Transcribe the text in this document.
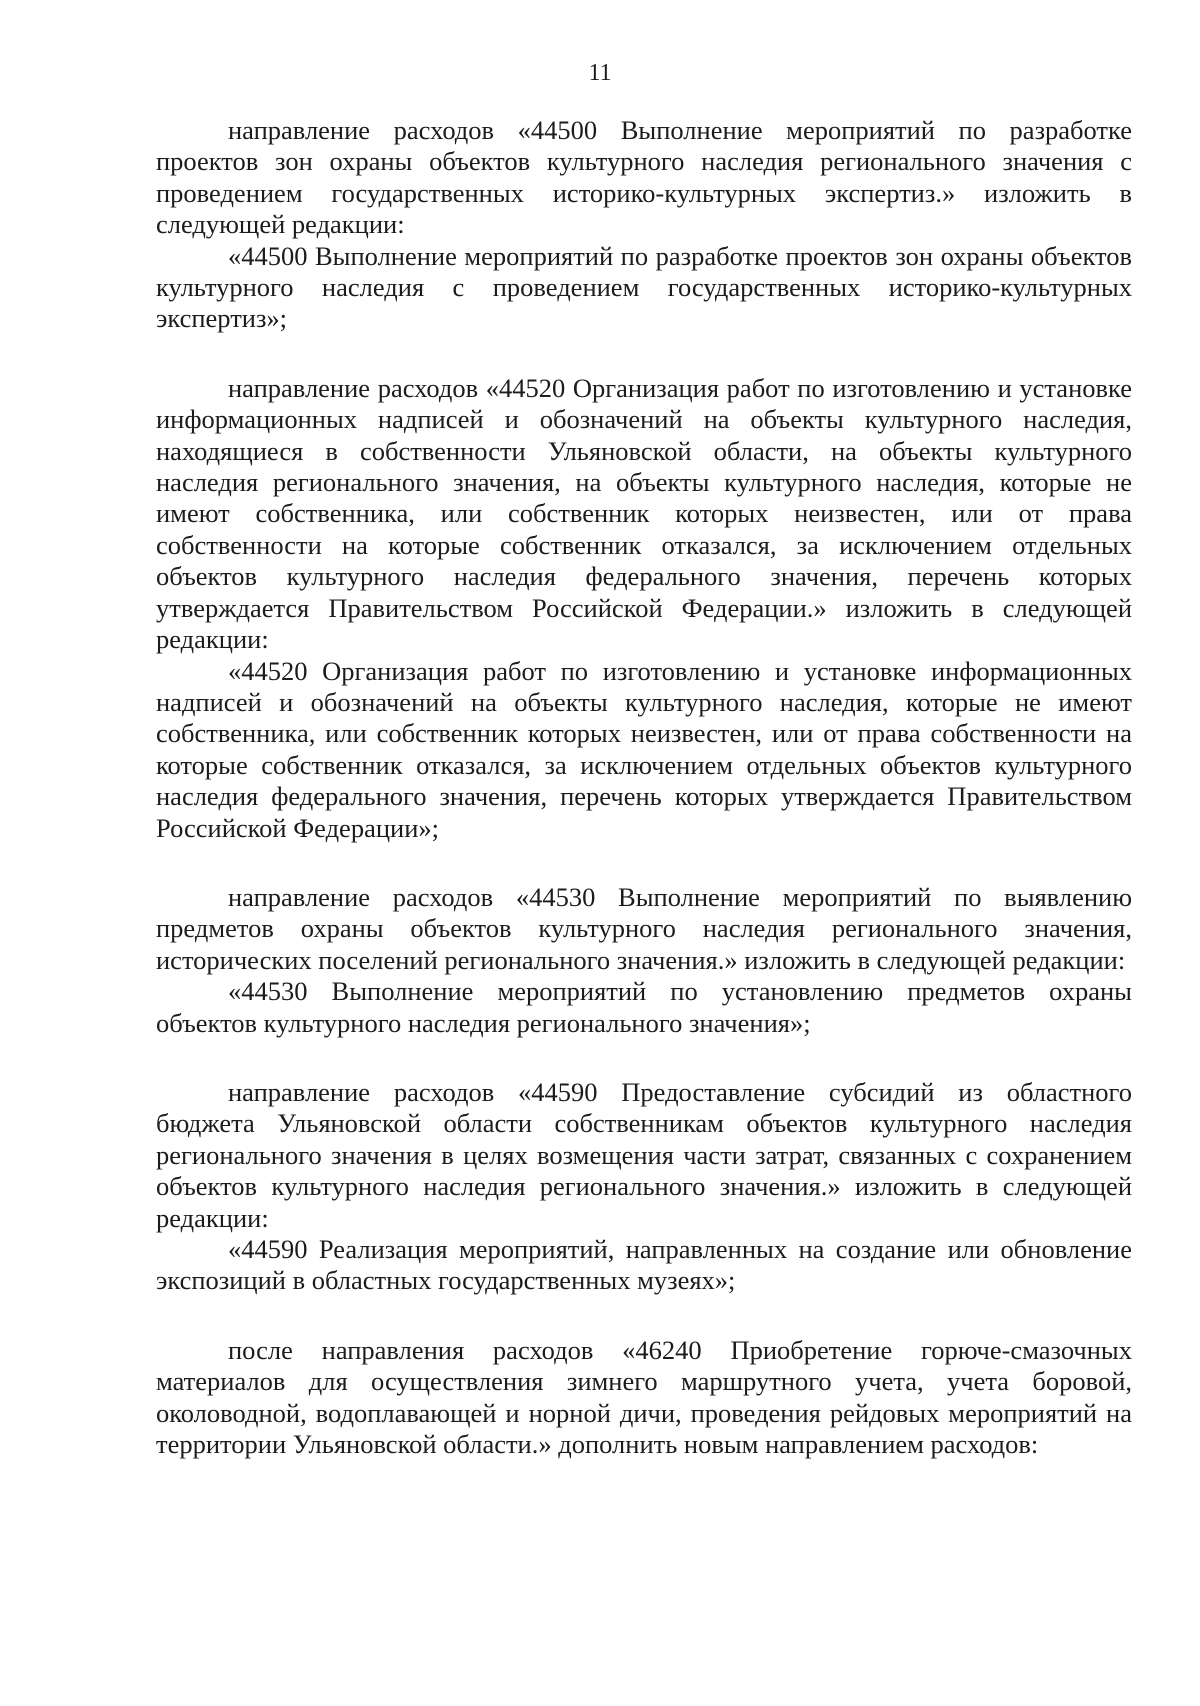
11

направление расходов «44500 Выполнение мероприятий по разработке проектов зон охраны объектов культурного наследия регионального значения с проведением государственных историко-культурных экспертиз.» изложить в следующей редакции:

«44500 Выполнение мероприятий по разработке проектов зон охраны объектов культурного наследия с проведением государственных историко-культурных экспертиз»;

направление расходов «44520 Организация работ по изготовлению и установке информационных надписей и обозначений на объекты культурного наследия, находящиеся в собственности Ульяновской области, на объекты культурного наследия регионального значения, на объекты культурного наследия, которые не имеют собственника, или собственник которых неизвестен, или от права собственности на которые собственник отказался, за исключением отдельных объектов культурного наследия федерального значения, перечень которых утверждается Правительством Российской Федерации.» изложить в следующей редакции:

«44520 Организация работ по изготовлению и установке информационных надписей и обозначений на объекты культурного наследия, которые не имеют собственника, или собственник которых неизвестен, или от права собственности на которые собственник отказался, за исключением отдельных объектов культурного наследия федерального значения, перечень которых утверждается Правительством Российской Федерации»;

направление расходов «44530 Выполнение мероприятий по выявлению предметов охраны объектов культурного наследия регионального значения, исторических поселений регионального значения.» изложить в следующей редакции:

«44530 Выполнение мероприятий по установлению предметов охраны объектов культурного наследия регионального значения»;

направление расходов «44590 Предоставление субсидий из областного бюджета Ульяновской области собственникам объектов культурного наследия регионального значения в целях возмещения части затрат, связанных с сохранением объектов культурного наследия регионального значения.» изложить в следующей редакции:

«44590 Реализация мероприятий, направленных на создание или обновление экспозиций в областных государственных музеях»;

после направления расходов «46240 Приобретение горюче-смазочных материалов для осуществления зимнего маршрутного учета, учета боровой, околоводной, водоплавающей и норной дичи, проведения рейдовых мероприятий на территории Ульяновской области.» дополнить новым направлением расходов:
